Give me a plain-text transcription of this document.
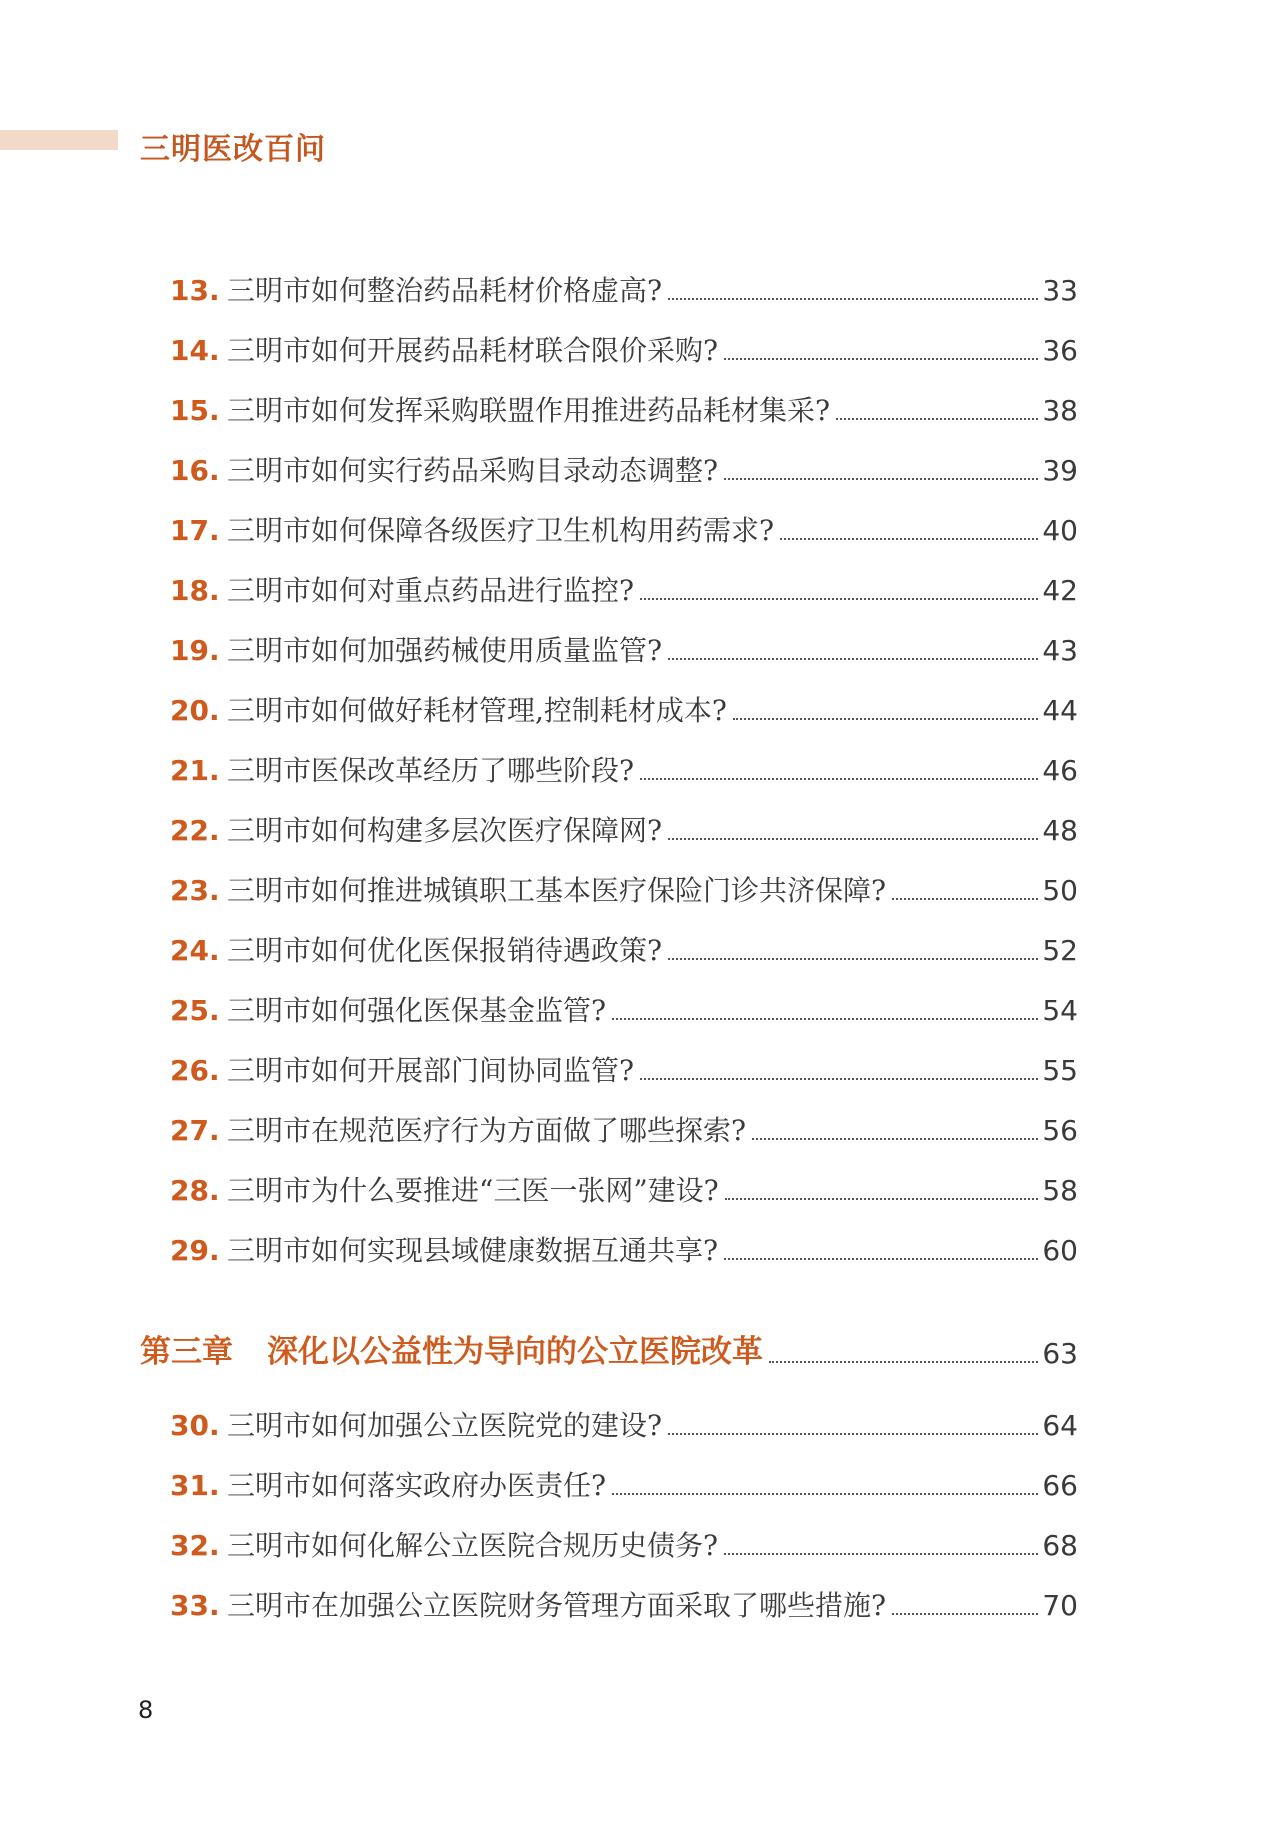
三明医改百问
13. 三明市如何整治药品耗材价格虚高?	33
14. 三明市如何开展药品耗材联合限价采购?	36
15. 三明市如何发挥采购联盟作用推进药品耗材集采?	38
16. 三明市如何实行药品采购目录动态调整?	39
17. 三明市如何保障各级医疗卫生机构用药需求?	40
18. 三明市如何对重点药品进行监控?	42
19. 三明市如何加强药械使用质量监管?	43
20. 三明市如何做好耗材管理,控制耗材成本?	44
21. 三明市医保改革经历了哪些阶段?	46
22. 三明市如何构建多层次医疗保障网?	48
23. 三明市如何推进城镇职工基本医疗保险门诊共济保障?	50
24. 三明市如何优化医保报销待遇政策?	52
25. 三明市如何强化医保基金监管?	54
26. 三明市如何开展部门间协同监管?	55
27. 三明市在规范医疗行为方面做了哪些探索?	56
28. 三明市为什么要推进“三医一张网”建设?	58
29. 三明市如何实现县域健康数据互通共享?	60
第三章 深化以公益性为导向的公立医院改革	63
30. 三明市如何加强公立医院党的建设?	64
31. 三明市如何落实政府办医责任?	66
32. 三明市如何化解公立医院合规历史债务?	68
33. 三明市在加强公立医院财务管理方面采取了哪些措施?	70
8
